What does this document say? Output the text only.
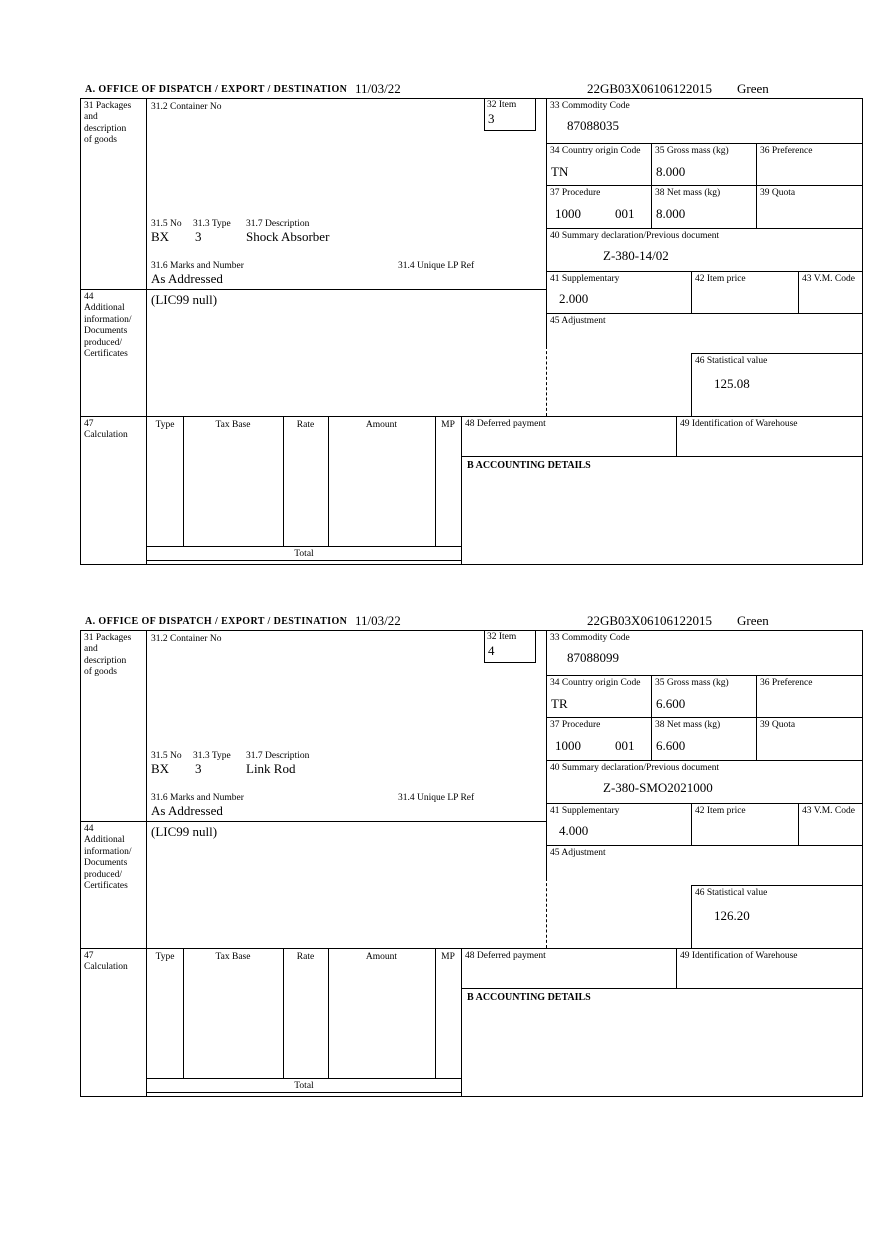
A. OFFICE OF DISPATCH / EXPORT / DESTINATION 11/03/22	22GB03X06106122015 Green
31 Packages
and
description
of goods
44
Additional
information/
Documents
produced/
Certificates
47
Calculation
31.2 Container No	32 Item
3
31.5 No 31.3 Type 31.7 Description
BX 3	Shock Absorber
31.6 Marks and Number	31.4 Unique LP Ref
As Addressed
(LIC99 null)
33 Commodity Code
87088035
34 Country origin Code
TN
35 Gross mass (kg)
8.000
36 Preference
37 Procedure
1000	001
38 Net mass (kg)
8.000
39 Quota
40 Summary declaration/Previous document
Z-380-14/02
41 Supplementary
2.000
42 Item price	43 V.M. Code
45 Adjustment
46 Statistical value
125.08
Type	Tax Base	Rate	Amount	MP
Total
48 Deferred payment	49 Identification of Warehouse
B ACCOUNTING DETAILS
A. OFFICE OF DISPATCH / EXPORT / DESTINATION 11/03/22	22GB03X06106122015 Green
31 Packages
and
description
of goods
44
Additional
information/
Documents
produced/
Certificates
47
Calculation
31.2 Container No	32 Item
4
31.5 No 31.3 Type 31.7 Description
BX 3	Link Rod
31.6 Marks and Number	31.4 Unique LP Ref
As Addressed
(LIC99 null)
33 Commodity Code
87088099
34 Country origin Code
TR
35 Gross mass (kg)
6.600
36 Preference
37 Procedure
1000	001
38 Net mass (kg)
6.600
39 Quota
40 Summary declaration/Previous document
Z-380-SMO2021000
41 Supplementary
4.000
42 Item price	43 V.M. Code
45 Adjustment
46 Statistical value
126.20
Type	Tax Base	Rate	Amount	MP
Total
48 Deferred payment	49 Identification of Warehouse
B ACCOUNTING DETAILS
